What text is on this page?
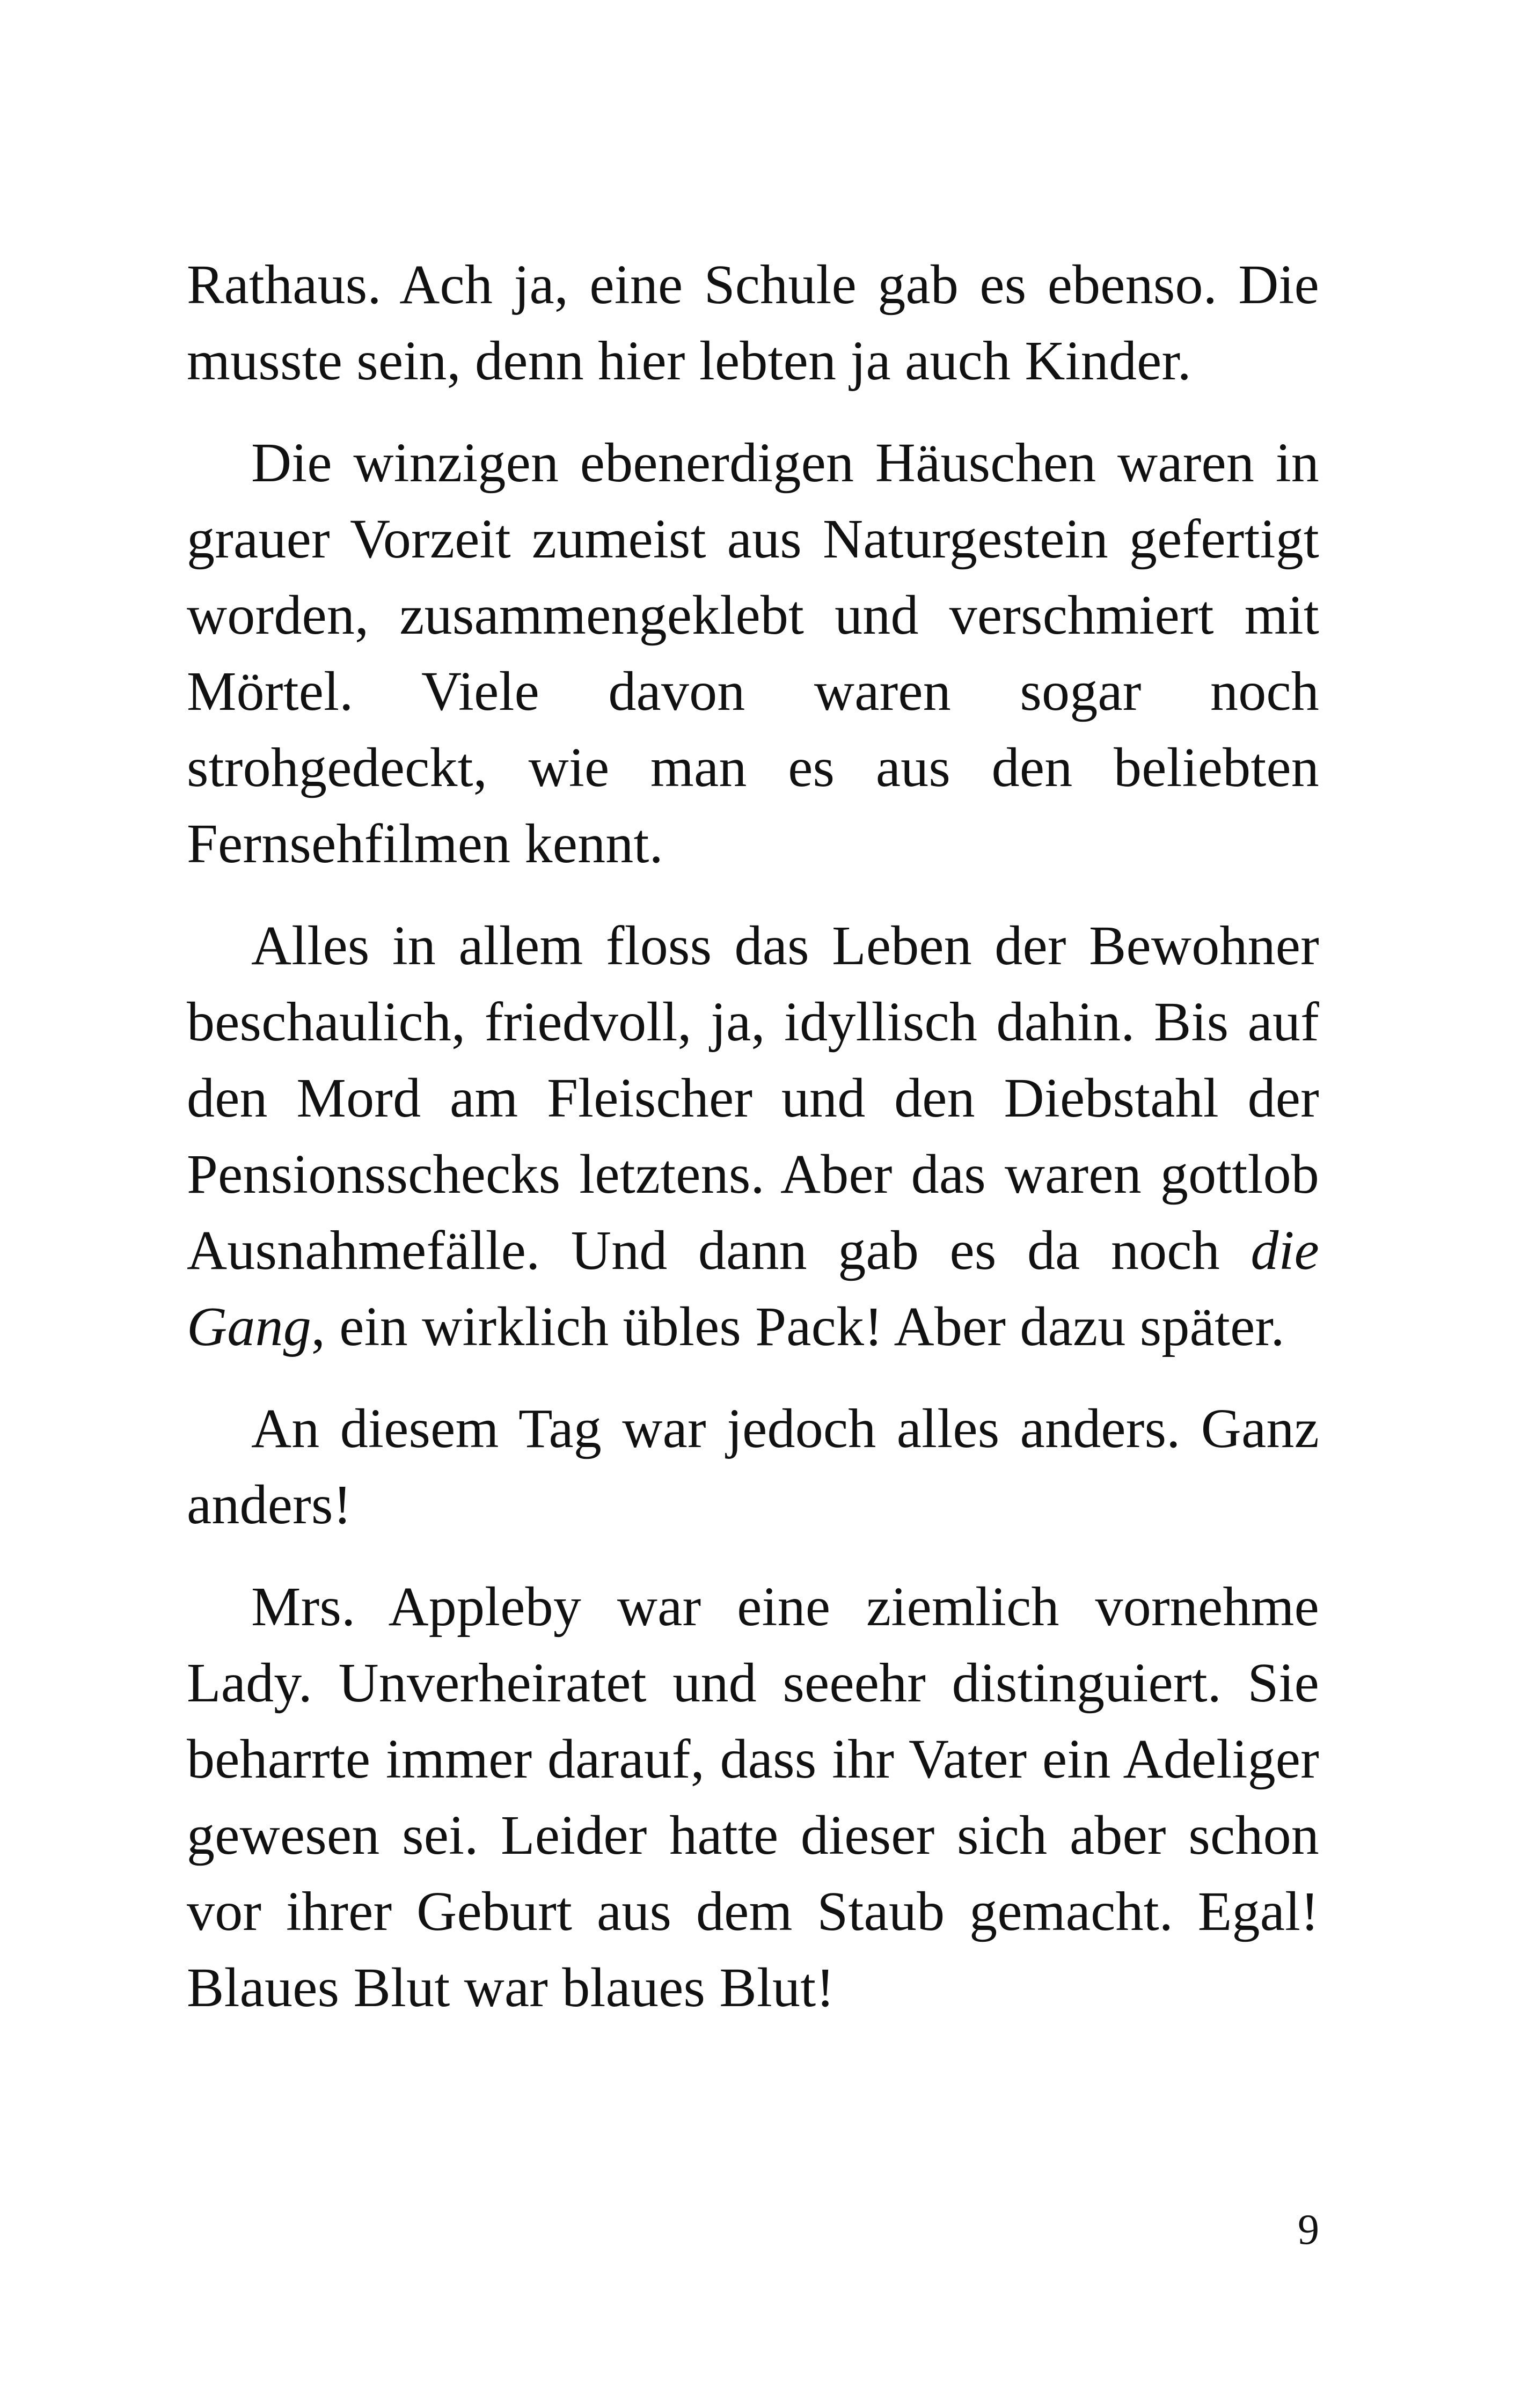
Rathaus. Ach ja, eine Schule gab es ebenso. Die musste sein, denn hier lebten ja auch Kinder.

Die winzigen ebenerdigen Häuschen waren in grauer Vorzeit zumeist aus Naturgestein gefertigt worden, zusammengeklebt und verschmiert mit Mörtel. Viele davon waren sogar noch strohgedeckt, wie man es aus den beliebten Fernsehfilmen kennt.

Alles in allem floss das Leben der Bewohner beschaulich, friedvoll, ja, idyllisch dahin. Bis auf den Mord am Fleischer und den Diebstahl der Pensionsschecks letztens. Aber das waren gottlob Ausnahmefälle. Und dann gab es da noch die Gang, ein wirklich übles Pack! Aber dazu später.

An diesem Tag war jedoch alles anders. Ganz anders!

Mrs. Appleby war eine ziemlich vornehme Lady. Unverheiratet und seeehr distinguiert. Sie beharrte immer darauf, dass ihr Vater ein Adeliger gewesen sei. Leider hatte dieser sich aber schon vor ihrer Geburt aus dem Staub gemacht. Egal! Blaues Blut war blaues Blut!

9
